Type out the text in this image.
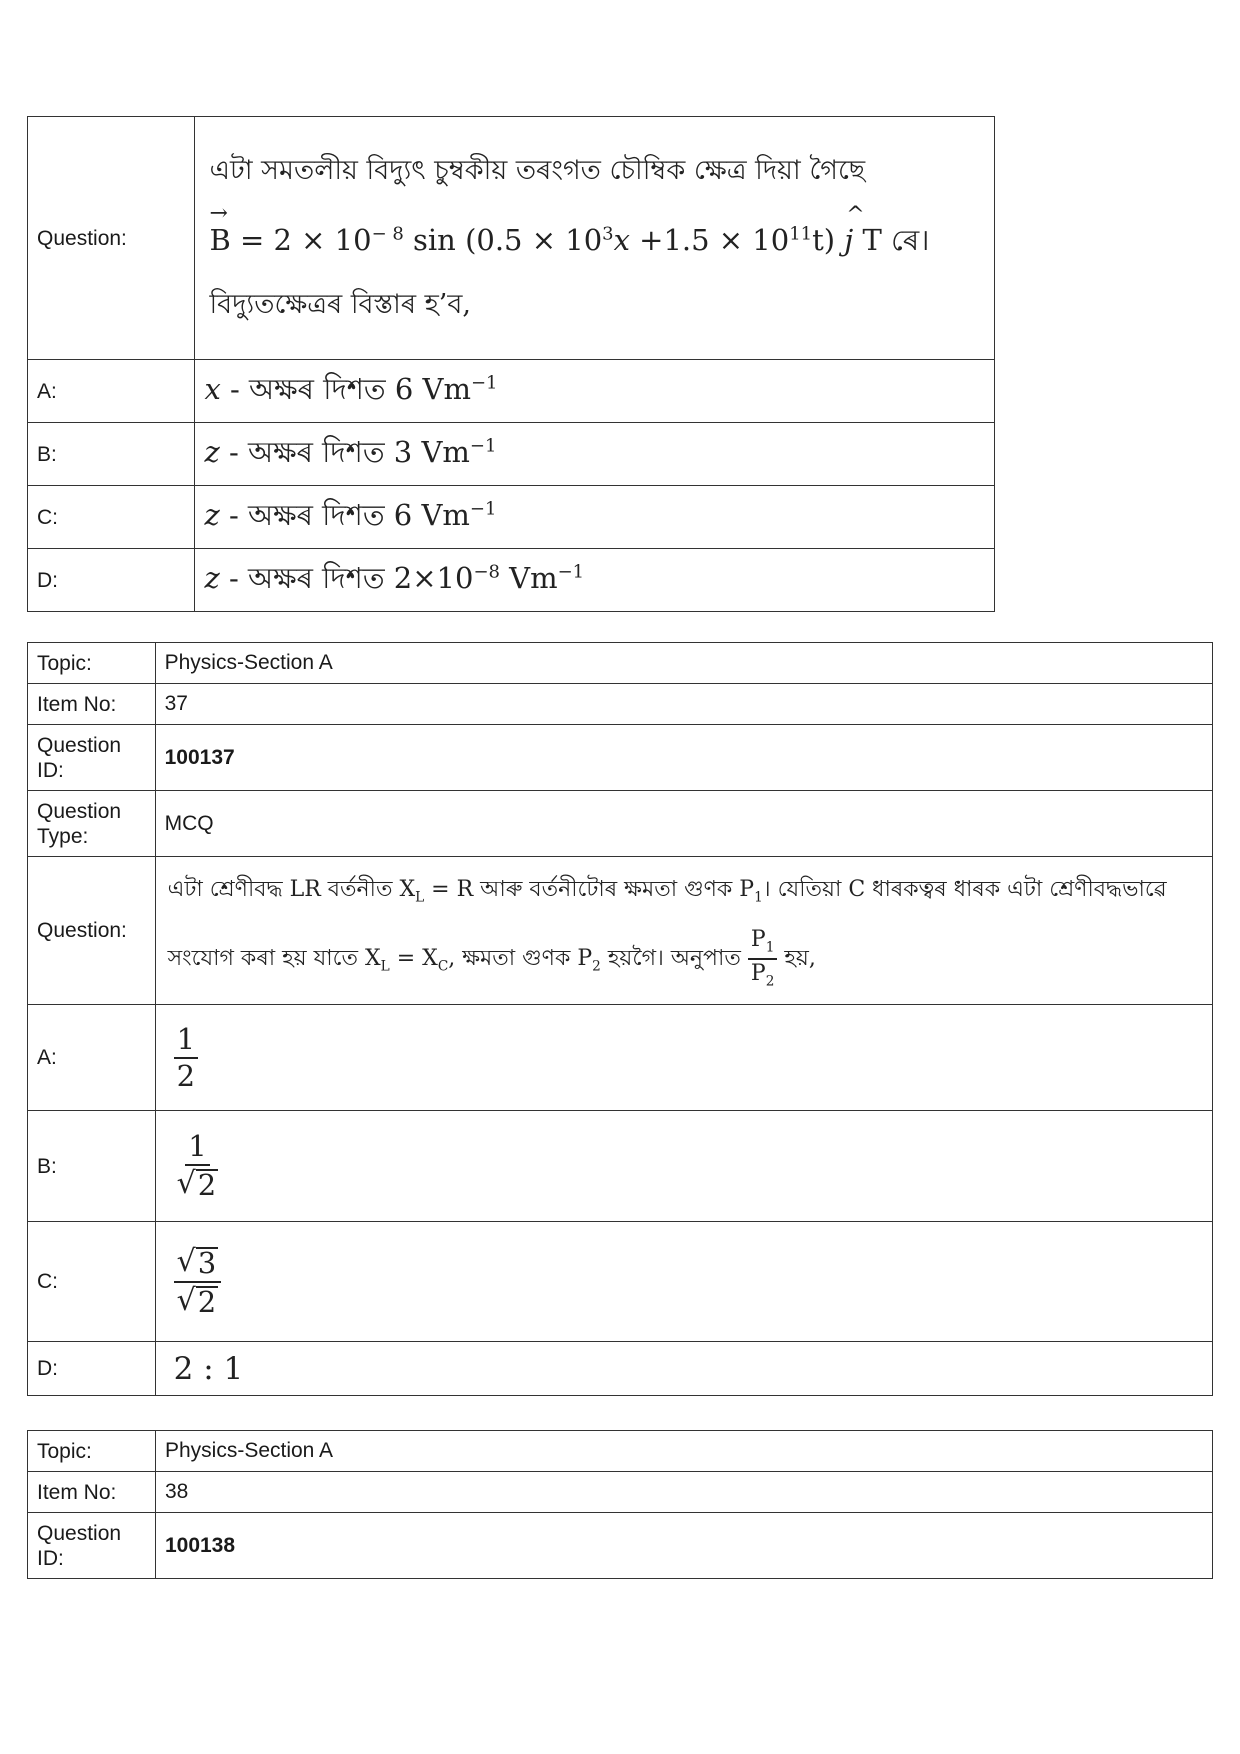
Question:	এটা সমতলীয় বিদ্যুৎ চুম্বকীয় তৰংগত চৌম্বিক ক্ষেত্ৰ দিয়া গৈছে
→ $B = 2 \times 10^{- 8}$ $\sin (0.5 \times 10^3x +1.5 \times 10^{11}t)$ ^ j T ৰে।
বিদ্যুতক্ষেত্ৰৰ বিস্তাৰ হ’ব,

A:	x - অক্ষৰ দিশত 6 $Vm^{-1}$
B:	z - অক্ষৰ দিশত 3 $Vm^{-1}$
C:	z - অক্ষৰ দিশত 6 $Vm^{-1}$
D:	z - অক্ষৰ দিশত $2\times 10^{-8}$ $Vm^{-1}$
Topic:	Physics-Section A
Item No:	37
Question ID:	100137
Question Type:	MCQ
Question:	এটা শ্ৰেণীবদ্ধ LR বৰ্তনীত $X_L = R$ আৰু বৰ্তনীটোৰ ক্ষমতা গুণক $P_1।$ যেতিয়া C ধাৰকত্বৰ ধাৰক এটা শ্ৰেণীবদ্ধভাৱে
সংযোগ কৰা হয় যাতে $X_L = X_C$, ক্ষমতা গুণক $P_2$ হয়গৈ। অনুপাত $\frac{P_1}{P_2}$ হয়,

A:	$\frac{1}{2}$

B:	$\frac{1}{√ 2}$

C:	$\frac{√ 3}{√ 2}$

D:	2 : 1
Topic:	Physics-Section A
Item No:	38
Question ID:	100138
